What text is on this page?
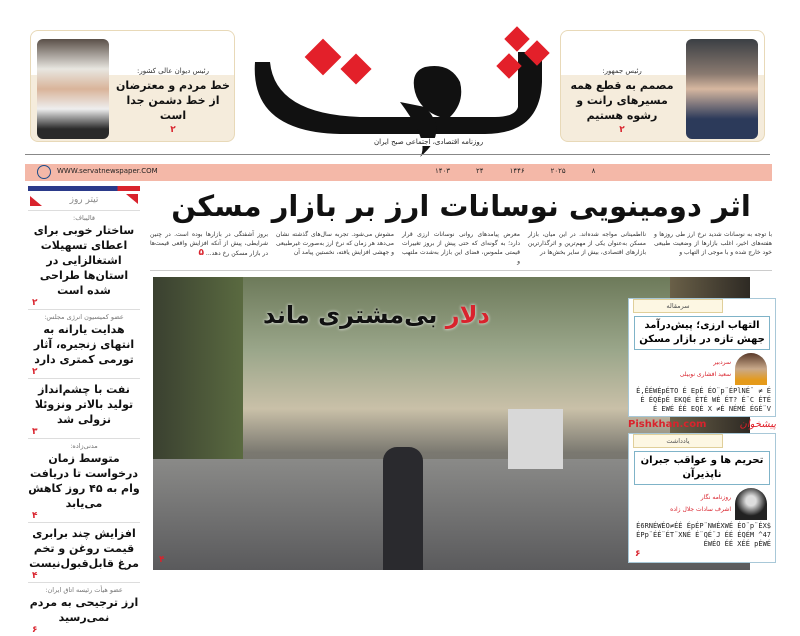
رئیس جمهور:
مصمم به قطع همه مسیرهای رانت و رشوه هستیم
۲
رئیس دیوان عالی کشور:
خط مردم و معترضان از خط دشمن جدا است
۲
روزنامه اقتصادی، اجتماعی صبح ایران
WWW.servatnewspaper.COM	۱۴۰۳	۲۴	۱۴۴۶	۲۰۲۵	۸
تیتر روز
قالیباف:
ساختار خوبی برای اعطای تسهیلات اشتغالزایی در استان‌ها طراحی شده است
۲
عضو کمیسیون انرژی مجلس:
هدایت یارانه به انتهای زنجیره، آثار تورمی کمتری دارد
۲
نفت با چشم‌انداز تولید بالاتر ونزوئلا نزولی شد
۳
مدنی‌زاده:
متوسط زمان درخواست تا دریافت وام به ۴۵ روز کاهش می‌یابد
۴
افزایش چند برابری قیمت روغن و تخم مرغ قابل‌قبول‌نیست
۴
عضو هیأت رئیسه اتاق ایران:
ارز ترجیحی به مردم نمی‌رسید
۶
اثر دومینویی نوسانات ارز بر بازار مسکن
با توجه به نوسانات شدید نرخ ارز طی روزها و هفته‌های اخیر، اغلب بازارها از وضعیت طبیعی خود خارج شده و با موجی از التهاب و
نااطمینانی مواجه شده‌اند. در این میان، بازار مسکن به‌عنوان یکی از مهم‌ترین و اثرگذارترین بازارهای اقتصادی، بیش از سایر بخش‌ها در
معرض پیامدهای روانی نوسانات ارزی قرار دارد؛ به گونه‌ای که حتی پیش از بروز تغییرات قیمتی ملموس، فضای این بازار به‌شدت ملتهب و
مشوش می‌شود. تجربه سال‌های گذشته نشان می‌دهد هر زمان که نرخ ارز به‌صورت غیرطبیعی و جهشی افزایش یافته، نخستین پیامد آن
بروز آشفتگی در بازارها بوده است. در چنین شرایطی، پیش از آنکه افزایش واقعی قیمت‌ها در بازار مسکن رخ دهد... ۵
دلار بی‌مشتری ماند
۴
سرمقاله
التهاب ارزی؛ پیش‌درآمد جهش تازه در بازار مسکن
سردبیر
سعید افشاری نوبیلی
É‚ÊÉWÉpÉTO É EpÉ ÉO¨p¨ÉPlNÉ¨ ≠ ÉÉ ÉQÉpÉ EKQÉ ÉTÉ WÉ ÉT? É¨C ÉTÉ É EWÉ ÉÉ EQÉ X ≠É NÉMÉ ÉGÉ¨V
پیشخوان
Pishkhan.com
یادداشت
تحریم ها و عواقب جبران ناپذیرآن
روزنامه نگار
اشرف سادات جلال زاده
É6RNÉWÉO≠ÉÉ ÉpÉP¨NWÉXWÉ ÉO¨p¨ÉX$ ÉPp¨ÉÉ¨ÉT¨XNÉ É¨QÉ¨J ÉÉ ÉQÉM ^47 ÉWÉO ÉÉ XÉÉ pÉWÉ
۶
